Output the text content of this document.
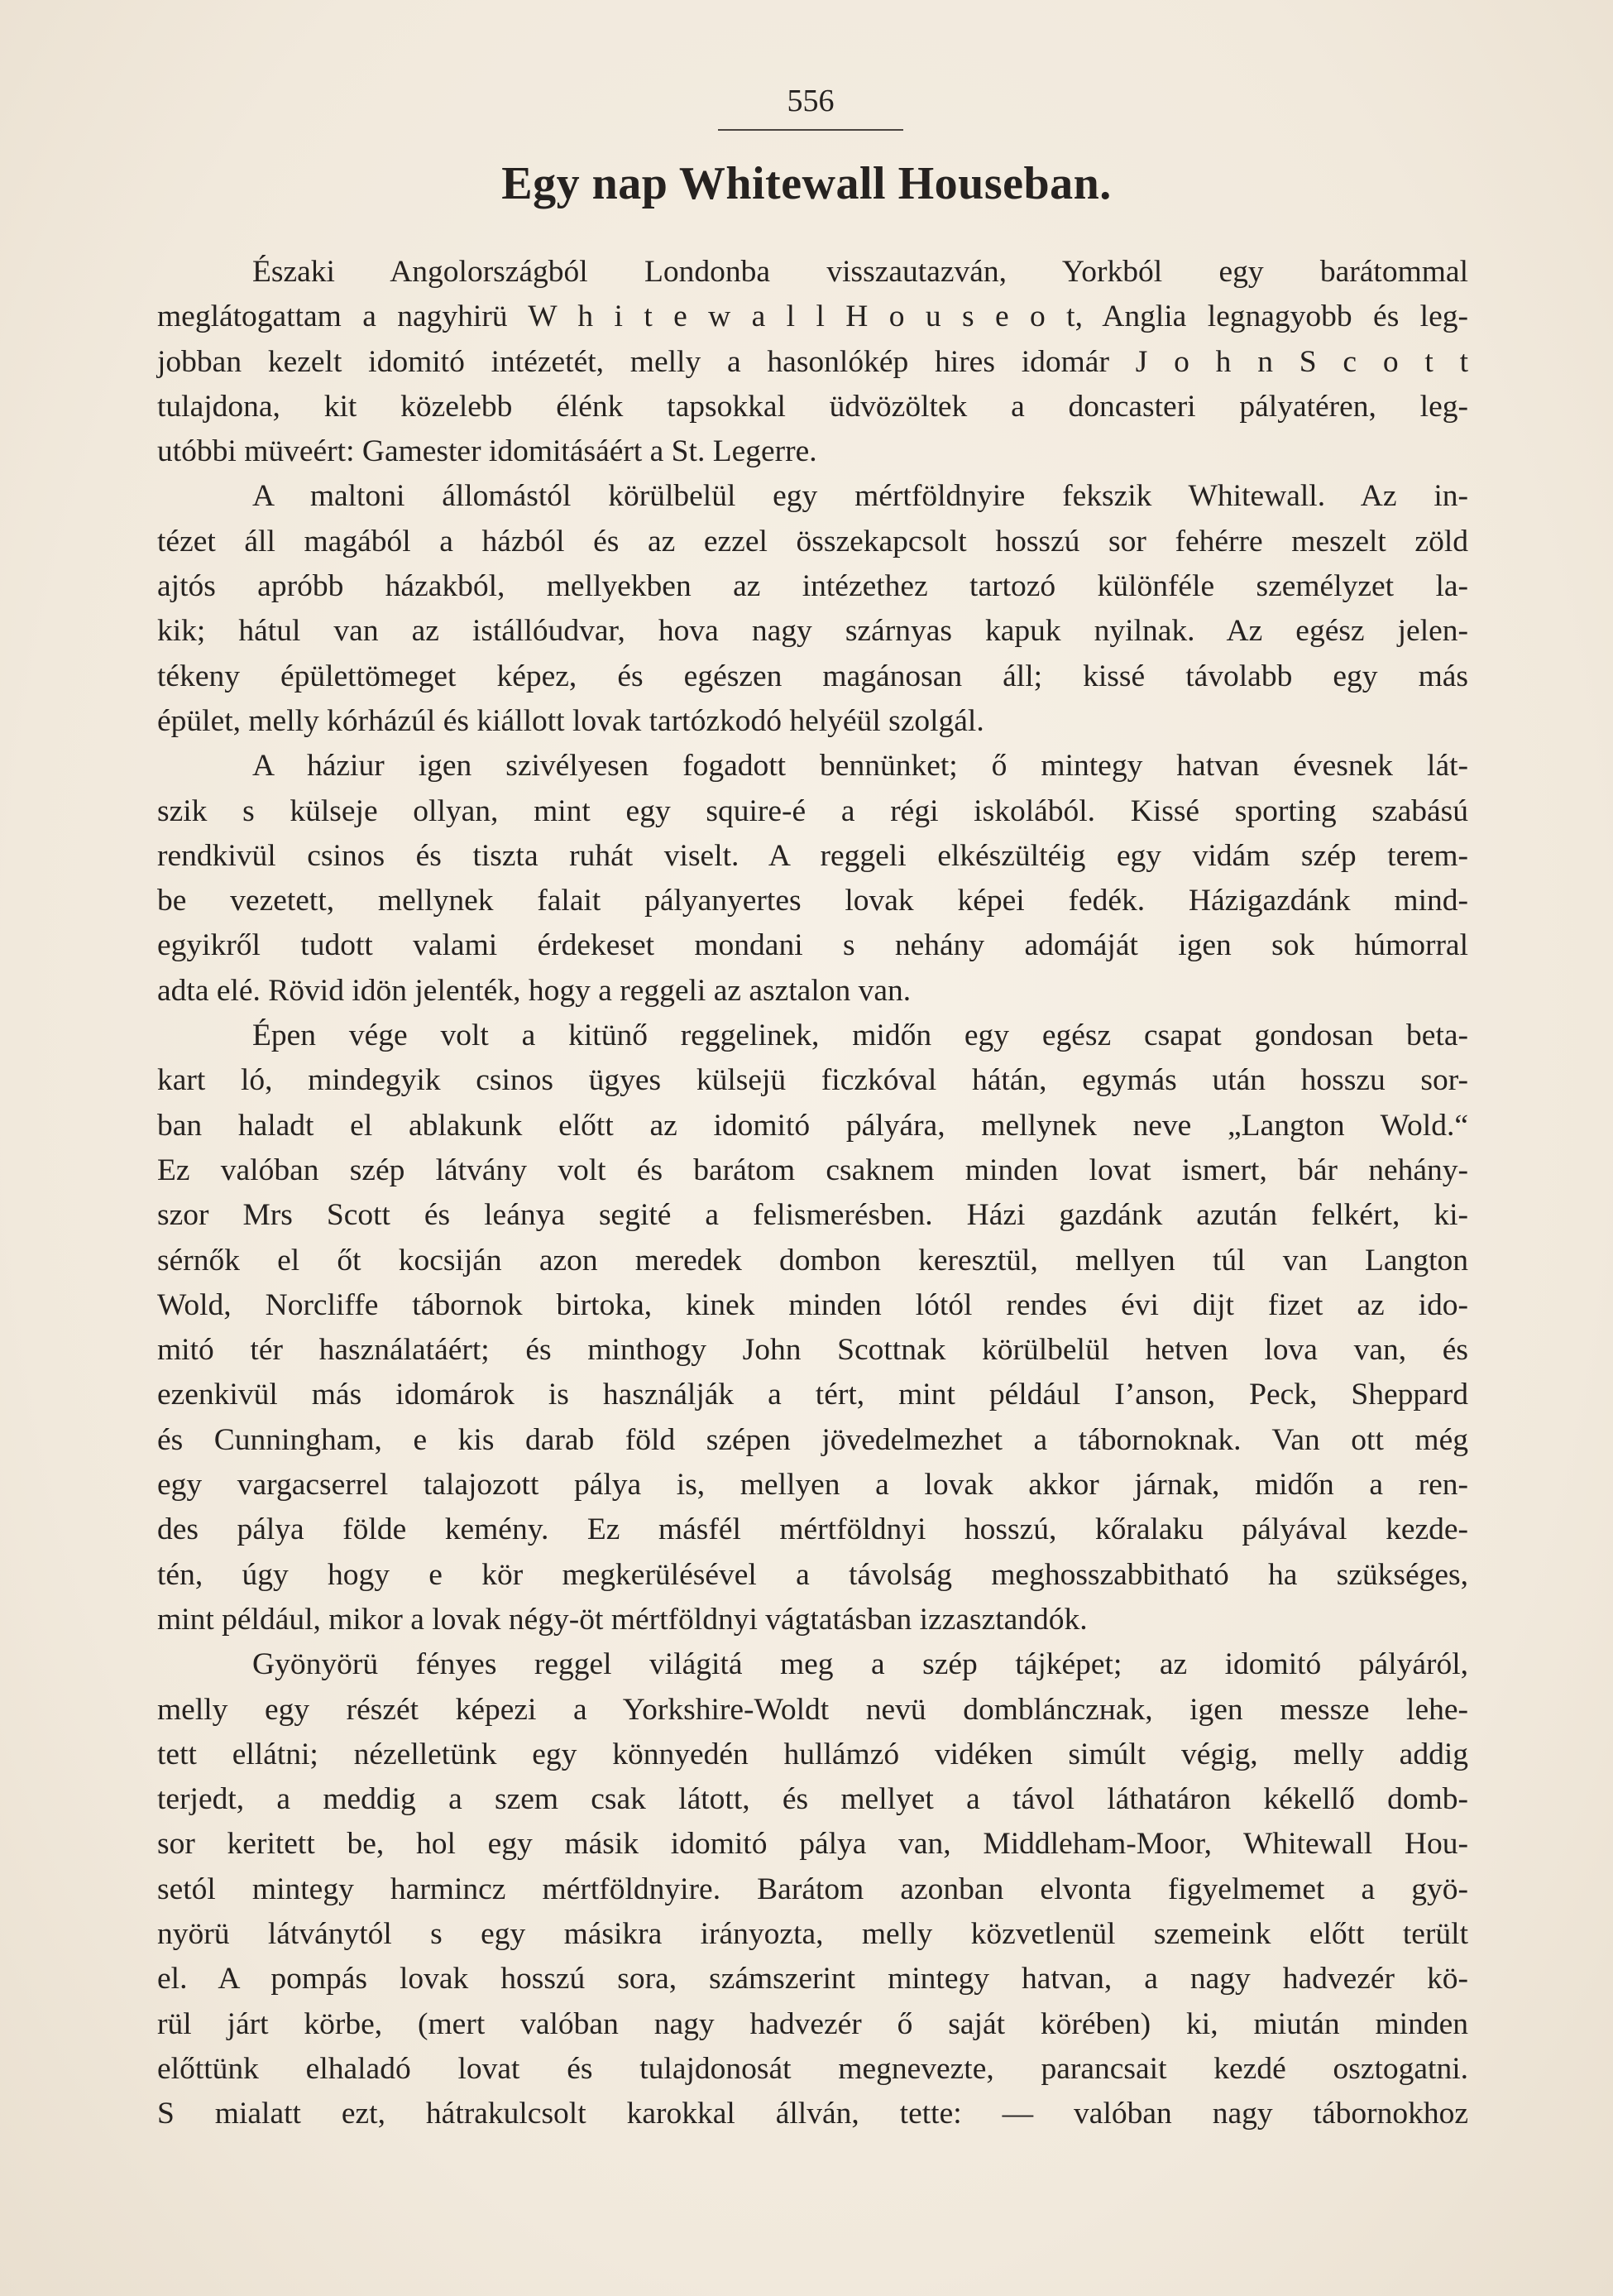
556
Egy nap Whitewall Houseban.
Északi Angolországból Londonba visszautazván, Yorkból egy barátommal
meglátogattam a nagyhirü W h i t e w a l l H o u s e o t, Anglia legnagyobb és leg-
jobban kezelt idomitó intézetét, melly a hasonlókép hires idomár J o h n S c o t t
tulajdona, kit közelebb élénk tapsokkal üdvözöltek a doncasteri pályatéren, leg-
utóbbi müveért: Gamester idomitásáért a St. Legerre.
A maltoni állomástól körülbelül egy mértföldnyire fekszik Whitewall. Az in-
tézet áll magából a házból és az ezzel összekapcsolt hosszú sor fehérre meszelt zöld
ajtós apróbb házakból, mellyekben az intézethez tartozó különféle személyzet la-
kik; hátul van az istállóudvar, hova nagy szárnyas kapuk nyilnak. Az egész jelen-
tékeny épülettömeget képez, és egészen magánosan áll; kissé távolabb egy más
épület, melly kórházúl és kiállott lovak tartózkodó helyéül szolgál.
A háziur igen szivélyesen fogadott bennünket; ő mintegy hatvan évesnek lát-
szik s külseje ollyan, mint egy squire-é a régi iskolából. Kissé sporting szabású
rendkivül csinos és tiszta ruhát viselt. A reggeli elkészültéig egy vidám szép terem-
be vezetett, mellynek falait pályanyertes lovak képei fedék. Házigazdánk mind-
egyikről tudott valami érdekeset mondani s nehány adomáját igen sok húmorral
adta elé. Rövid idön jelenték, hogy a reggeli az asztalon van.
Épen vége volt a kitünő reggelinek, midőn egy egész csapat gondosan beta-
kart ló, mindegyik csinos ügyes külsejü ficzkóval hátán, egymás után hosszu sor-
ban haladt el ablakunk előtt az idomitó pályára, mellynek neve „Langton Wold.“
Ez valóban szép látvány volt és barátom csaknem minden lovat ismert, bár nehány-
szor Mrs Scott és leánya segité a felismerésben. Házi gazdánk azután felkért, ki-
sérnők el őt kocsiján azon meredek dombon keresztül, mellyen túl van Langton
Wold, Norcliffe tábornok birtoka, kinek minden lótól rendes évi dijt fizet az ido-
mitó tér használatáért; és minthogy John Scottnak körülbelül hetven lova van, és
ezenkivül más idomárok is használják a tért, mint például I’anson, Peck, Sheppard
és Cunningham, e kis darab föld szépen jövedelmezhet a tábornoknak. Van ott még
egy vargacserrel talajozott pálya is, mellyen a lovak akkor járnak, midőn a ren-
des pálya földe kemény. Ez másfél mértföldnyi hosszú, kőralaku pályával kezde-
tén, úgy hogy e kör megkerülésével a távolság meghosszabbitható ha szükséges,
mint például, mikor a lovak négy-öt mértföldnyi vágtatásban izzasztandók.
Gyönyörü fényes reggel világitá meg a szép tájképet; az idomitó pályáról,
melly egy részét képezi a Yorkshire-Woldt nevü domblánczнak, igen messze lehe-
tett ellátni; nézelletünk egy könnyedén hullámzó vidéken simúlt végig, melly addig
terjedt, a meddig a szem csak látott, és mellyet a távol láthatáron kékellő domb-
sor keritett be, hol egy másik idomitó pálya van, Middleham-Moor, Whitewall Hou-
setól mintegy harmincz mértföldnyire. Barátom azonban elvonta figyelmemet a gyö-
nyörü látványtól s egy másikra irányozta, melly közvetlenül szemeink előtt terült
el. A pompás lovak hosszú sora, számszerint mintegy hatvan, a nagy hadvezér kö-
rül járt körbe, (mert valóban nagy hadvezér ő saját körében) ki, miután minden
előttünk elhaladó lovat és tulajdonosát megnevezte, parancsait kezdé osztogatni.
S mialatt ezt, hátrakulcsolt karokkal állván, tette: — valóban nagy tábornokhoz
